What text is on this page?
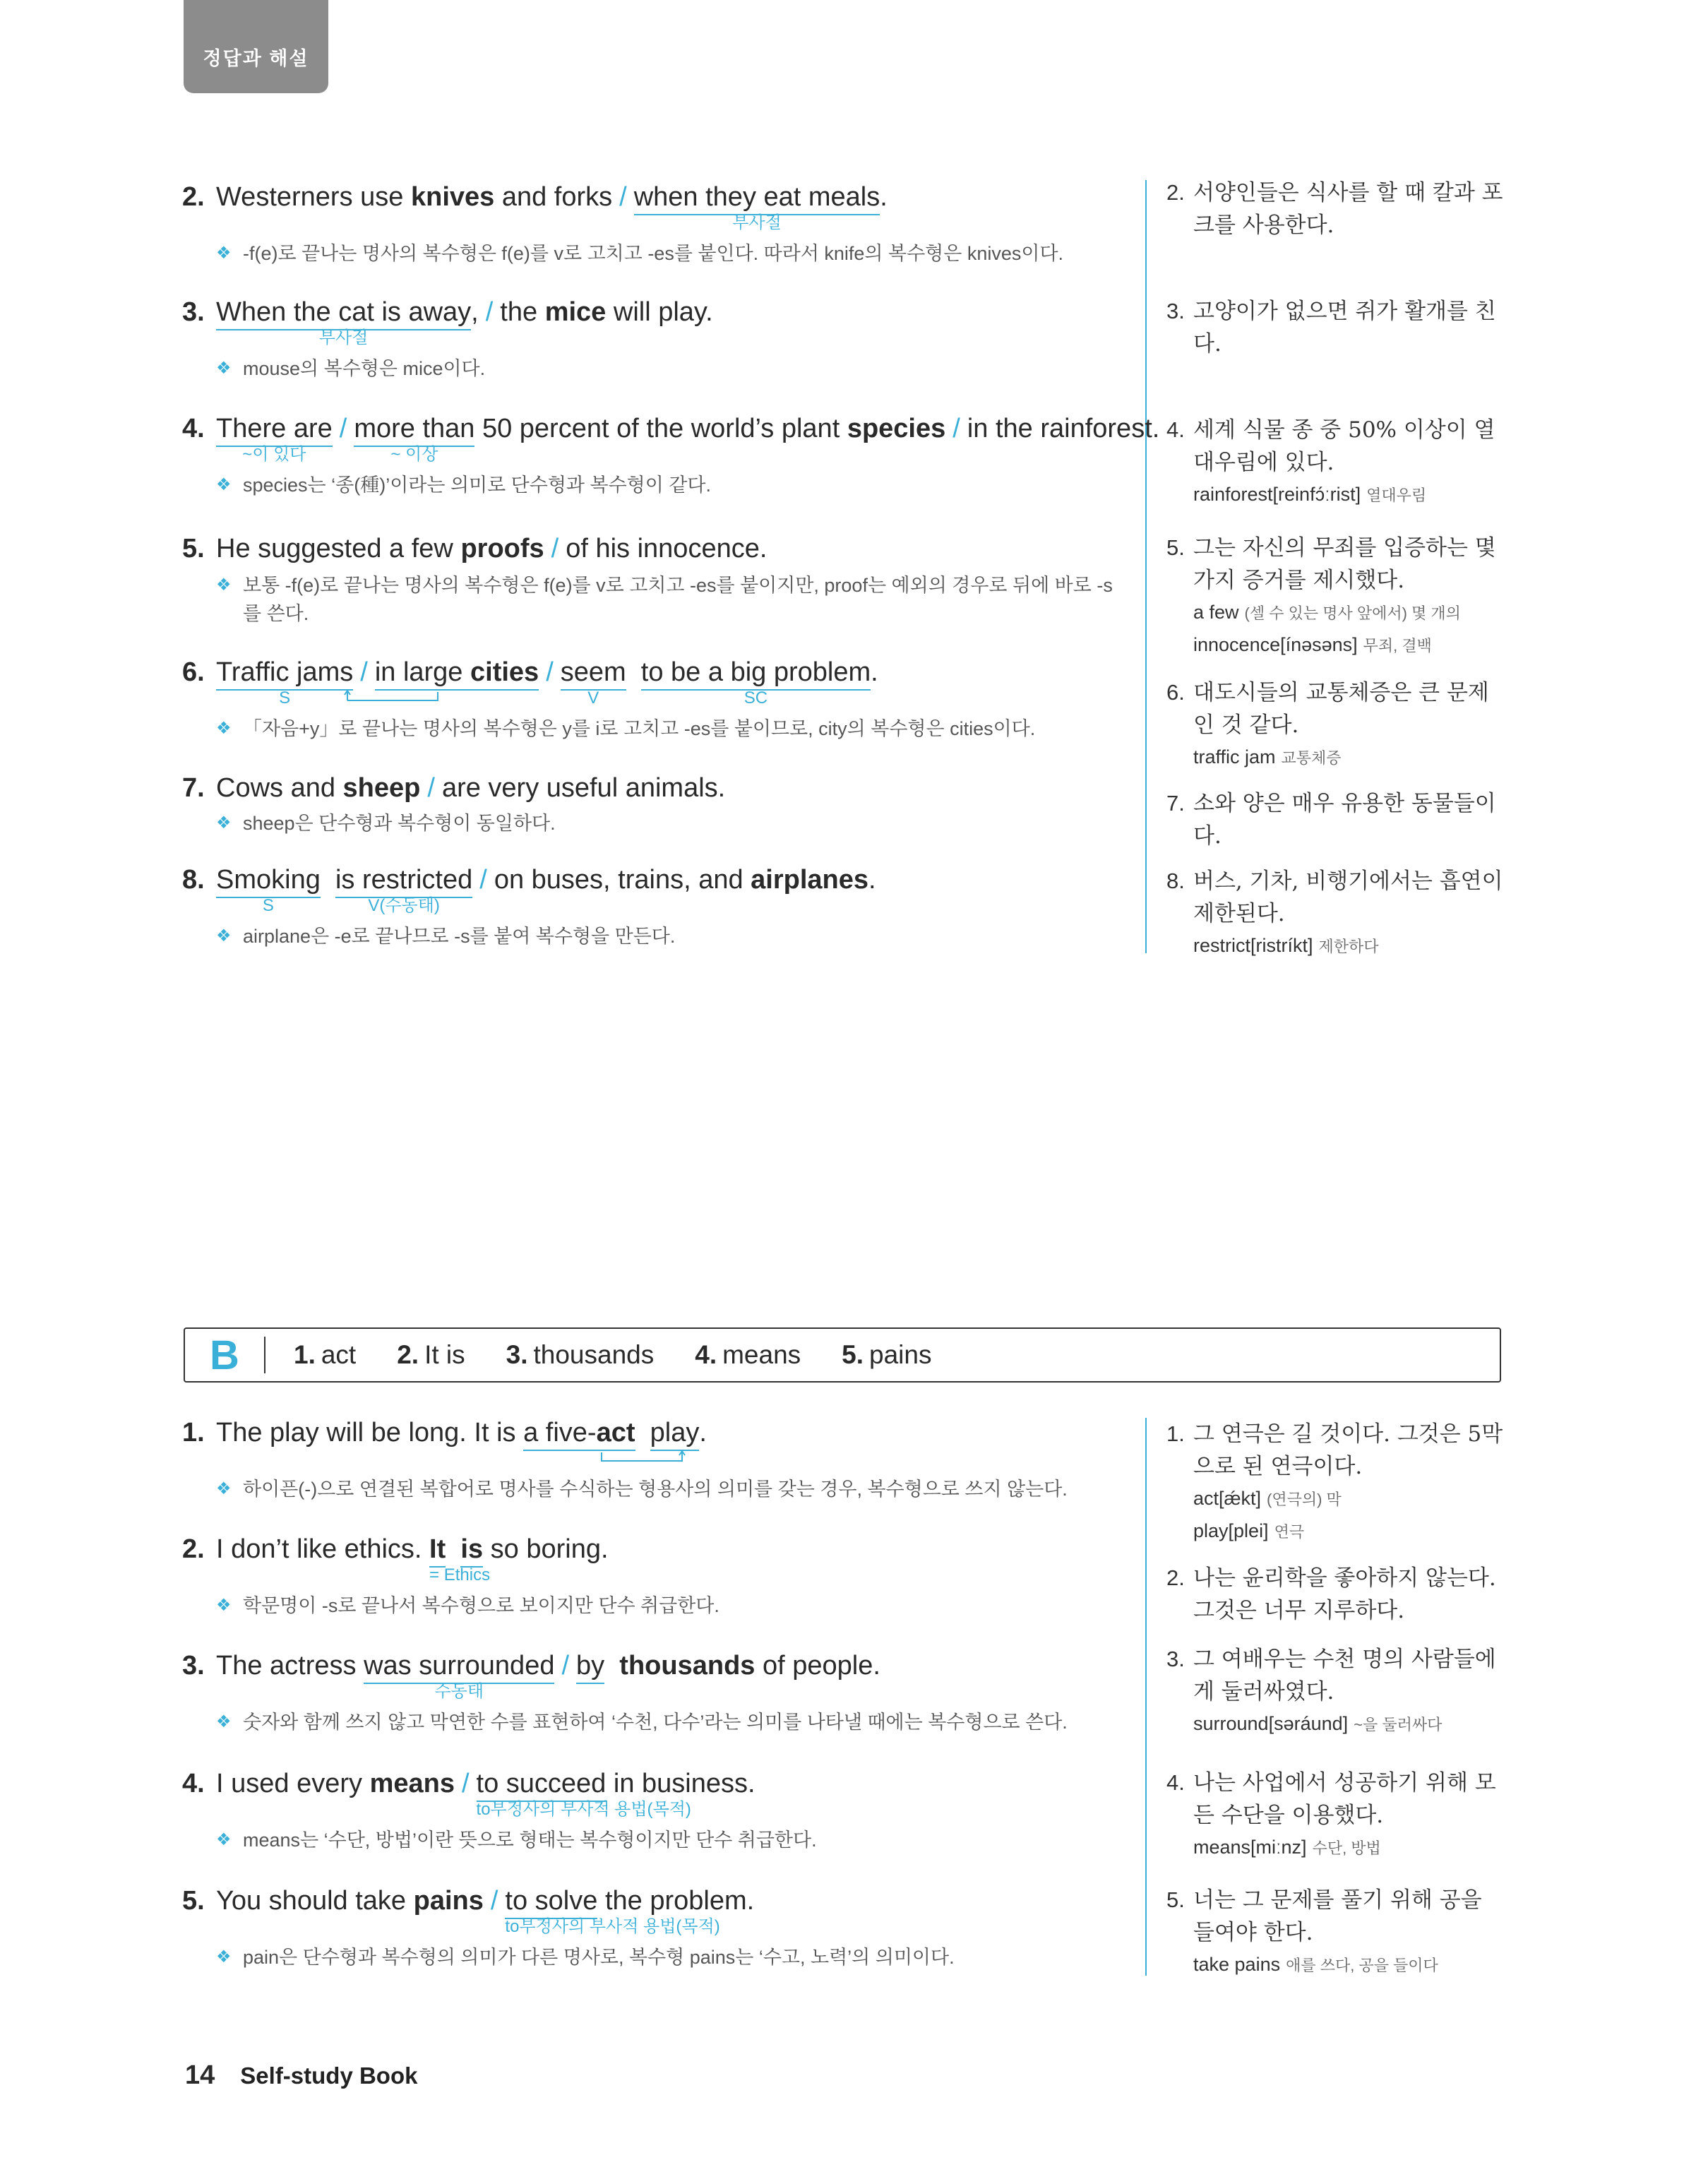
정답과 해설
2. Westerners use knives and forks / when they eat meals
부사절
.
❖ -f(e)로 끝나는 명사의 복수형은 f(e)를 v로 고치고 -es를 붙인다. 따라서 knife의 복수형은 knives이다.
3. When the cat is away
부사절
, / the mice will play.
❖ mouse의 복수형은 mice이다.
4. There are
~이 있다
/ more than
~ 이상
50 percent of the world’s plant species / in the rainforest.
❖ species는 ‘종(種)’이라는 의미로 단수형과 복수형이 같다.
5. He suggested a few proofs / of his innocence.
❖ 보통 -f(e)로 끝나는 명사의 복수형은 f(e)를 v로 고치고 -es를 붙이지만, proof는 예외의 경우로 뒤에 바로 -s를 쓴다.
6. Traffic jams
S
/ in large cities / seem
V
to be a big problem
SC
.
❖ 「자음+y」로 끝나는 명사의 복수형은 y를 i로 고치고 -es를 붙이므로, city의 복수형은 cities이다.
7. Cows and sheep / are very useful animals.
❖ sheep은 단수형과 복수형이 동일하다.
8. Smoking
S
is restricted
V(수동태)
/ on buses, trains, and airplanes.
❖ airplane은 -e로 끝나므로 -s를 붙여 복수형을 만든다.
2. 서양인들은 식사를 할 때 칼과 포크를 사용한다.
3. 고양이가 없으면 쥐가 활개를 친다.
4. 세계 식물 종 중 50% 이상이 열대우림에 있다.
rainforest[reinfɔ́ːrist] 열대우림
5. 그는 자신의 무죄를 입증하는 몇 가지 증거를 제시했다.
a few (셀 수 있는 명사 앞에서) 몇 개의
innocence[ínəsəns] 무죄, 결백
6. 대도시들의 교통체증은 큰 문제인 것 같다.
traffic jam 교통체증
7. 소와 양은 매우 유용한 동물들이다.
8. 버스, 기차, 비행기에서는 흡연이 제한된다.
restrict[ristríkt] 제한하다
B	1. act 2. It is 3. thousands 4. means 5. pains
1. The play will be long. It is a five-act play.
❖ 하이픈(-)으로 연결된 복합어로 명사를 수식하는 형용사의 의미를 갖는 경우, 복수형으로 쓰지 않는다.
2. I don’t like ethics. It
= Ethics
is so boring.
❖ 학문명이 -s로 끝나서 복수형으로 보이지만 단수 취급한다.
3. The actress was surrounded
수동태
/ by thousands of people.
❖ 숫자와 함께 쓰지 않고 막연한 수를 표현하여 ‘수천, 다수’라는 의미를 나타낼 때에는 복수형으로 쓴다.
4. I used every means / to succeed
to부정사의 부사적 용법(목적)
in business.
❖ means는 ‘수단, 방법’이란 뜻으로 형태는 복수형이지만 단수 취급한다.
5. You should take pains / to solve
to부정사의 부사적 용법(목적)
the problem.
❖ pain은 단수형과 복수형의 의미가 다른 명사로, 복수형 pains는 ‘수고, 노력’의 의미이다.
1. 그 연극은 길 것이다. 그것은 5막으로 된 연극이다.
act[ǽkt] (연극의) 막
play[plei] 연극
2. 나는 윤리학을 좋아하지 않는다. 그것은 너무 지루하다.
3. 그 여배우는 수천 명의 사람들에게 둘러싸였다.
surround[səráund] ~을 둘러싸다
4. 나는 사업에서 성공하기 위해 모든 수단을 이용했다.
means[miːnz] 수단, 방법
5. 너는 그 문제를 풀기 위해 공을 들여야 한다.
take pains 애를 쓰다, 공을 들이다
14 Self-study Book
